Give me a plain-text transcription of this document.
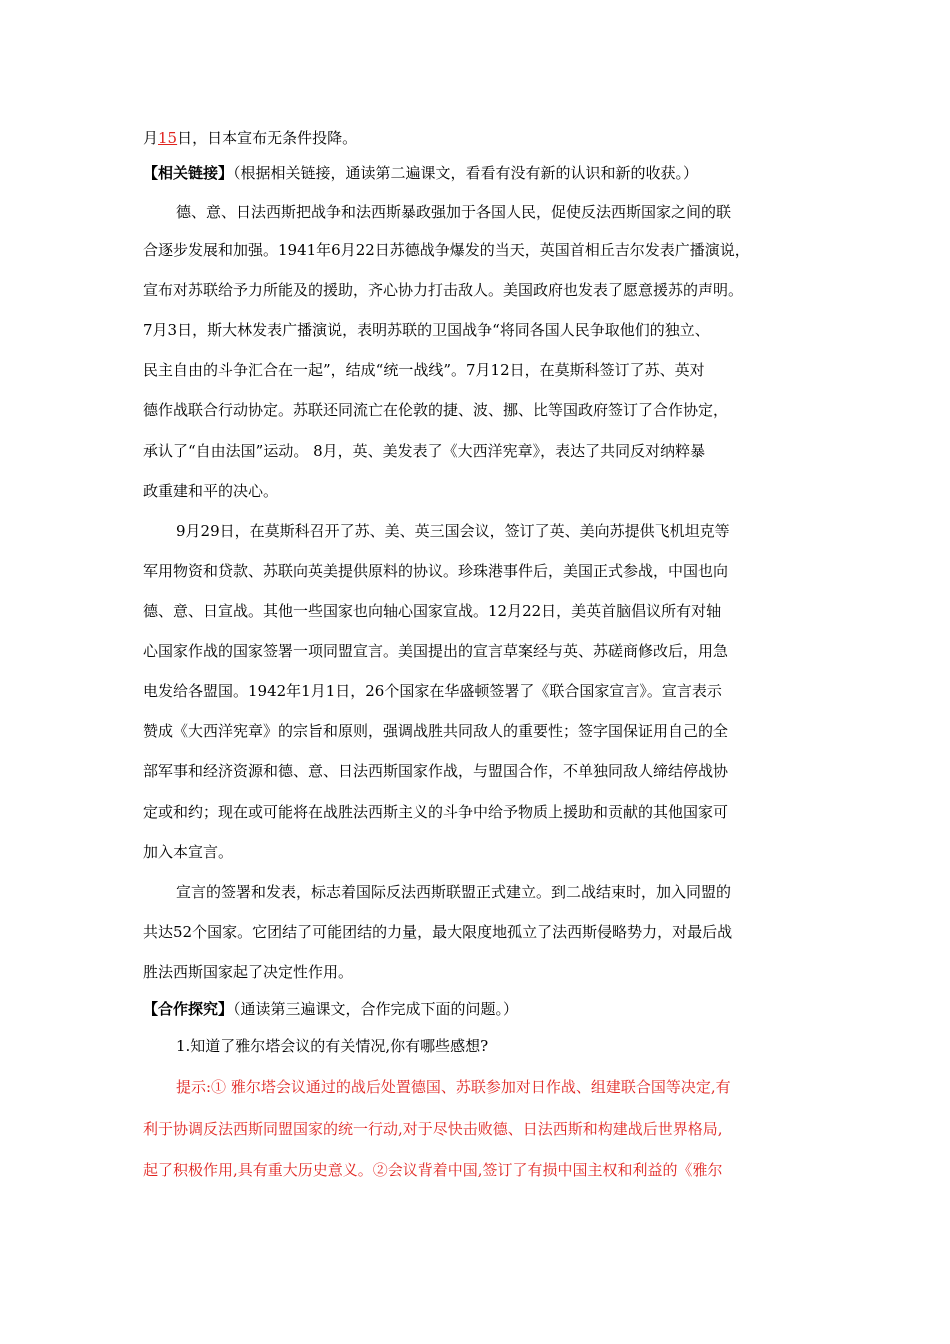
月15日，日本宣布无条件投降。
【相关链接】（根据相关链接，通读第二遍课文，看看有没有新的认识和新的收获。）
德、意、日法西斯把战争和法西斯暴政强加于各国人民，促使反法西斯国家之间的联
合逐步发展和加强。1941年6月22日苏德战争爆发的当天，英国首相丘吉尔发表广播演说，
宣布对苏联给予力所能及的援助，齐心协力打击敌人。美国政府也发表了愿意援苏的声明。
7月3日，斯大林发表广播演说，表明苏联的卫国战争“将同各国人民争取他们的独立、
民主自由的斗争汇合在一起”，结成“统一战线”。7月12日，在莫斯科签订了苏、英对
德作战联合行动协定。苏联还同流亡在伦敦的捷、波、挪、比等国政府签订了合作协定，
承认了“自由法国”运动。 8月，英、美发表了《大西洋宪章》，表达了共同反对纳粹暴
政重建和平的决心。
9月29日，在莫斯科召开了苏、美、英三国会议，签订了英、美向苏提供飞机坦克等
军用物资和贷款、苏联向英美提供原料的协议。珍珠港事件后，美国正式参战，中国也向
德、意、日宣战。其他一些国家也向轴心国家宣战。12月22日，美英首脑倡议所有对轴
心国家作战的国家签署一项同盟宣言。美国提出的宣言草案经与英、苏磋商修改后，用急
电发给各盟国。1942年1月1日，26个国家在华盛顿签署了《联合国家宣言》。宣言表示
赞成《大西洋宪章》的宗旨和原则，强调战胜共同敌人的重要性；签字国保证用自己的全
部军事和经济资源和德、意、日法西斯国家作战，与盟国合作，不单独同敌人缔结停战协
定或和约；现在或可能将在战胜法西斯主义的斗争中给予物质上援助和贡献的其他国家可
加入本宣言。
宣言的签署和发表，标志着国际反法西斯联盟正式建立。到二战结束时，加入同盟的
共达52个国家。它团结了可能团结的力量，最大限度地孤立了法西斯侵略势力，对最后战
胜法西斯国家起了决定性作用。
【合作探究】（通读第三遍课文，合作完成下面的问题。）
1.知道了雅尔塔会议的有关情况,你有哪些感想?
提示:① 雅尔塔会议通过的战后处置德国、苏联参加对日作战、组建联合国等决定,有
利于协调反法西斯同盟国家的统一行动,对于尽快击败德、日法西斯和构建战后世界格局,
起了积极作用,具有重大历史意义。②会议背着中国,签订了有损中国主权和利益的《雅尔
